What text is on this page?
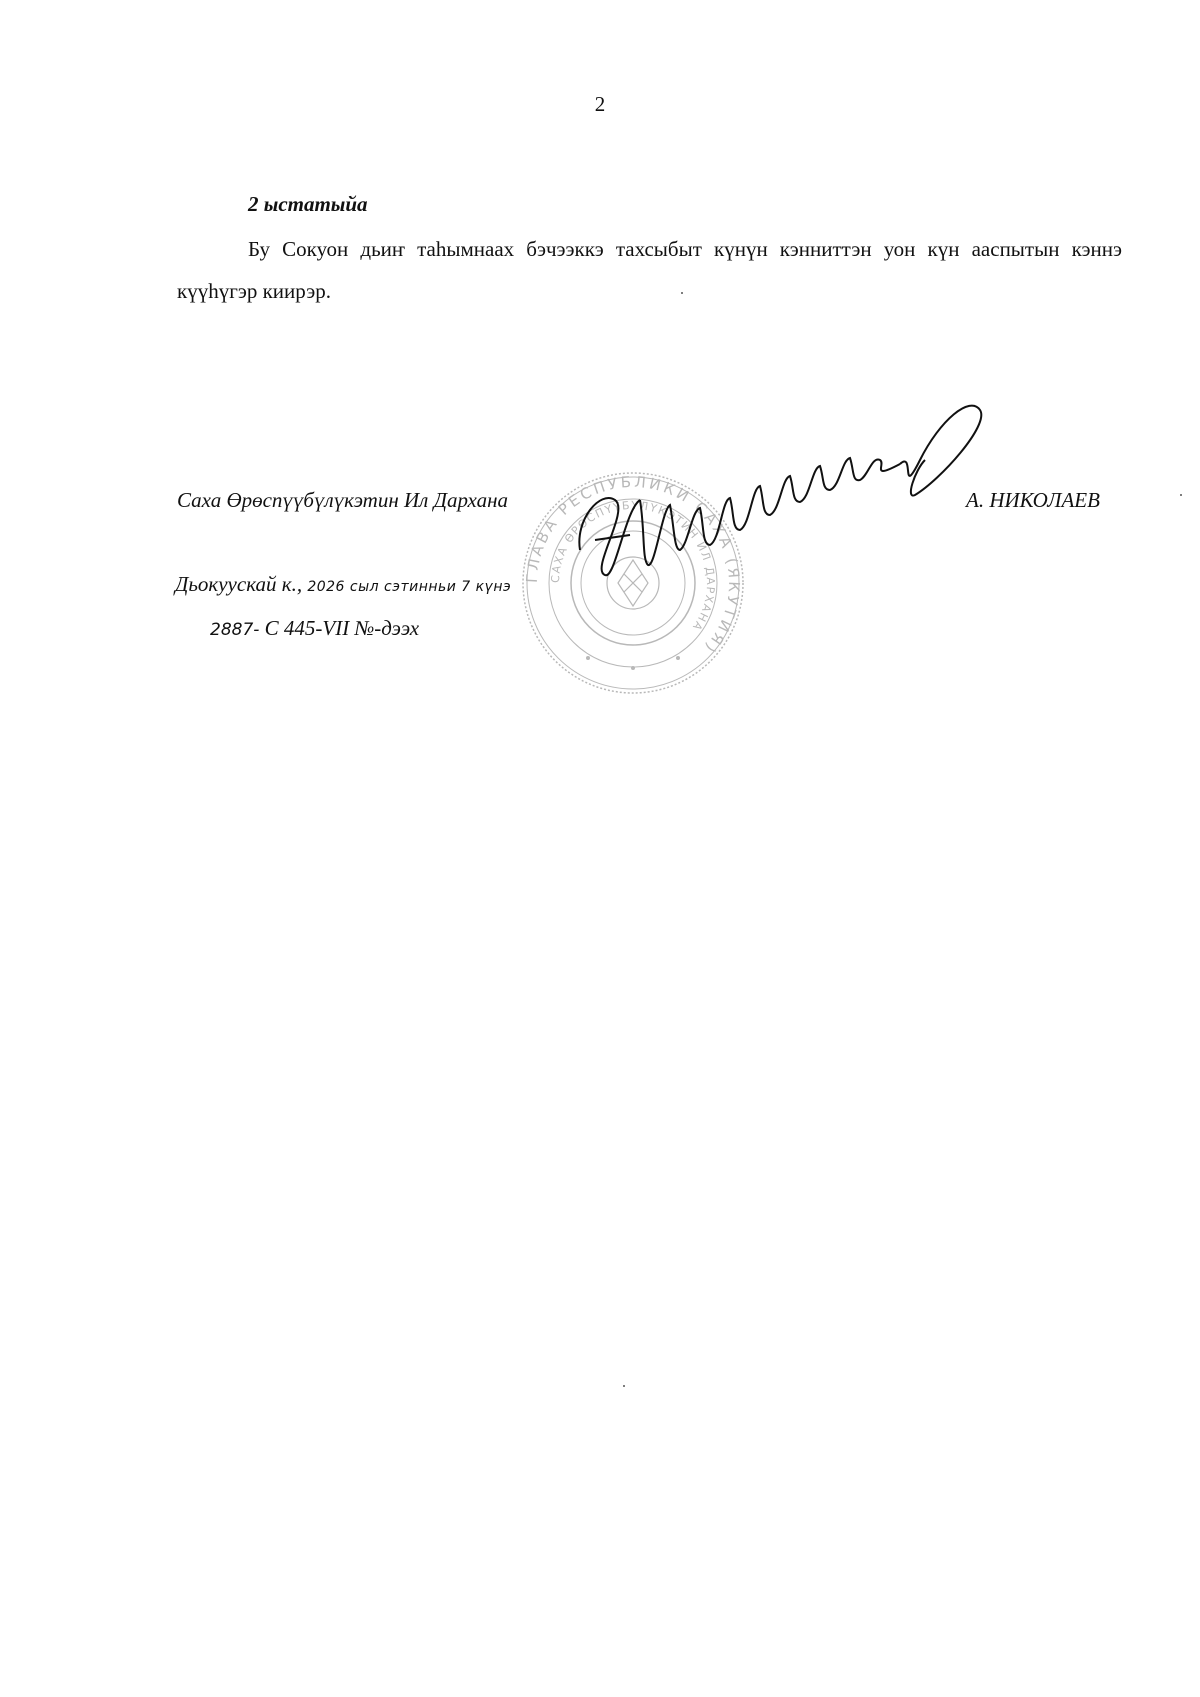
2
2 ыстатыйа

Бу Сокуон дьиҥ таһымнаах бэчээккэ тахсыбыт күнүн кэнниттэн уон күн ааспытын кэннэ күүһүгэр киирэр.

Саха Өрөспүүбүлүкэтин Ил Дархана	А. НИКОЛАЕВ
Дьокуускай к., 2026 сыл сэтинньи 7 күнэ
2887- С 445-VII №-дээх
ГЛАВА РЕСПУБЛИКИ САХА (ЯКУТИЯ)
САХА ӨРӨСПҮҮБҮЛҮКЭТИН ИЛ ДАРХАНА
